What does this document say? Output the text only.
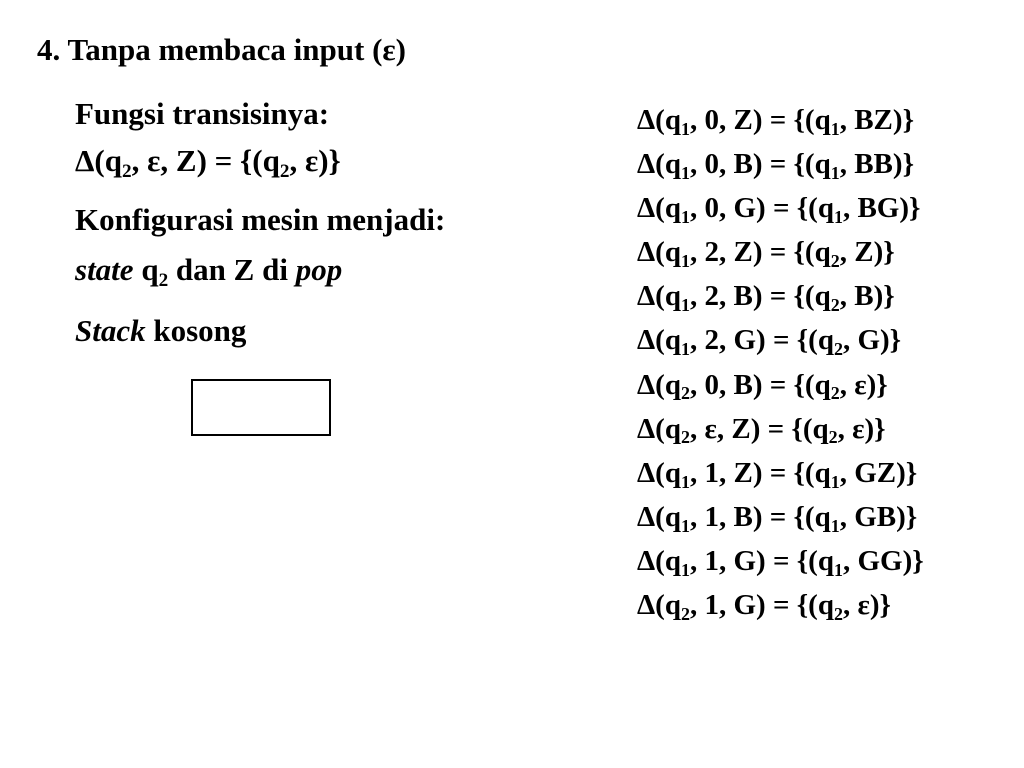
4. Tanpa membaca input (ε)
Fungsi transisinya:
Δ(q2, ε, Z) = {(q2, ε)}
Konfigurasi mesin menjadi:
state q2 dan Z di pop
Stack kosong
Δ(q1, 0, Z) = {(q1, BZ)}
Δ(q1, 0, B) = {(q1, BB)}
Δ(q1, 0, G) = {(q1, BG)}
Δ(q1, 2, Z) = {(q2, Z)}
Δ(q1, 2, B) = {(q2, B)}
Δ(q1, 2, G) = {(q2, G)}
Δ(q2, 0, B) = {(q2, ε)}
Δ(q2, ε, Z) = {(q2, ε)}
Δ(q1, 1, Z) = {(q1, GZ)}
Δ(q1, 1, B) = {(q1, GB)}
Δ(q1, 1, G) = {(q1, GG)}
Δ(q2, 1, G) = {(q2, ε)}
